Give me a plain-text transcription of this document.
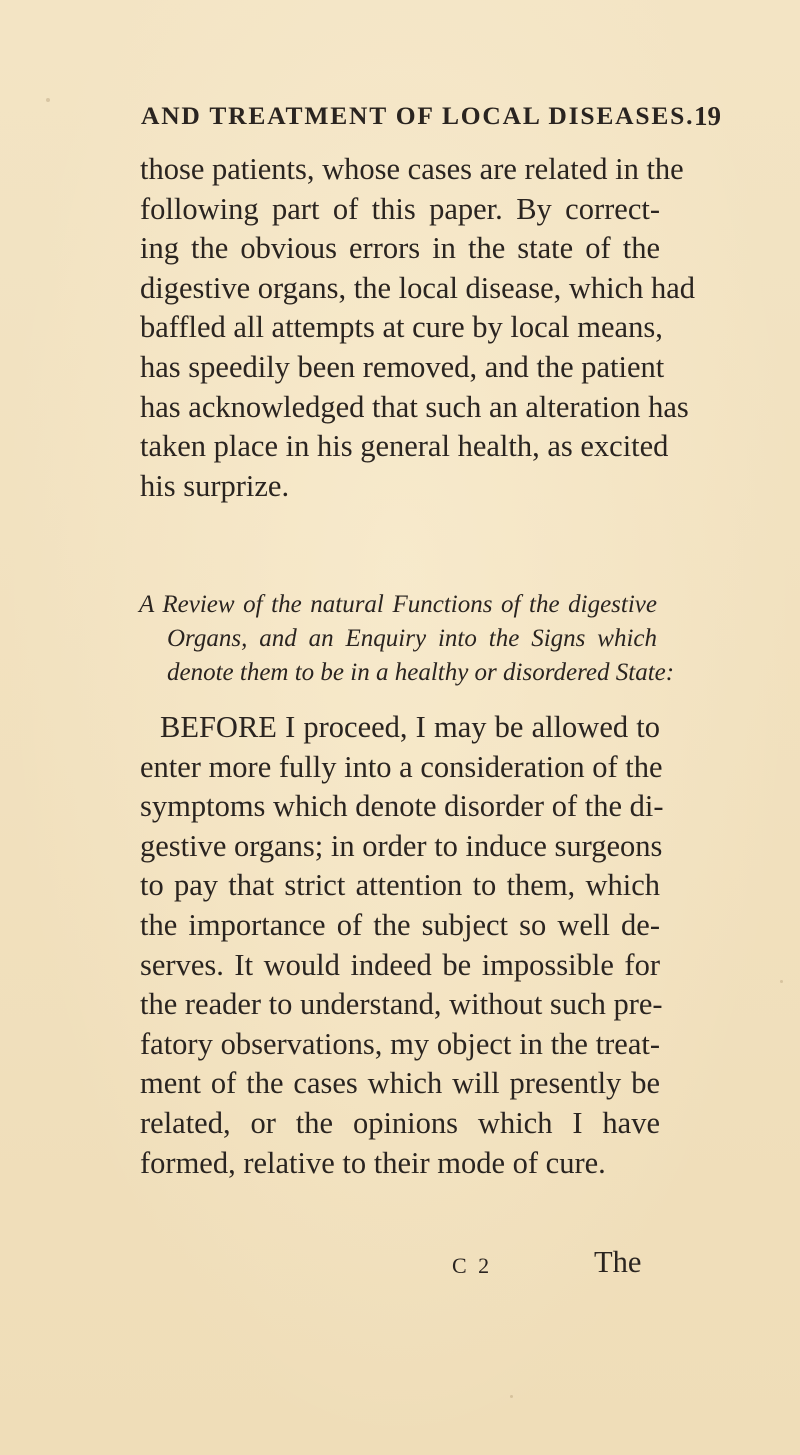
AND TREATMENT OF LOCAL DISEASES. 19
those patients, whose cases are related in the
following part of this paper. By correct-
ing the obvious errors in the state of the
digestive organs, the local disease, which had
baffled all attempts at cure by local means,
has speedily been removed, and the patient
has acknowledged that such an alteration has
taken place in his general health, as excited
his surprize.
A Review of the natural Functions of the digestive
Organs, and an Enquiry into the Signs which
denote them to be in a healthy or disordered State:
BEFORE I proceed, I may be allowed to
enter more fully into a consideration of the
symptoms which denote disorder of the di-
gestive organs; in order to induce surgeons
to pay that strict attention to them, which
the importance of the subject so well de-
serves. It would indeed be impossible for
the reader to understand, without such pre-
fatory observations, my object in the treat-
ment of the cases which will presently be
related, or the opinions which I have
formed, relative to their mode of cure.
C 2	The
